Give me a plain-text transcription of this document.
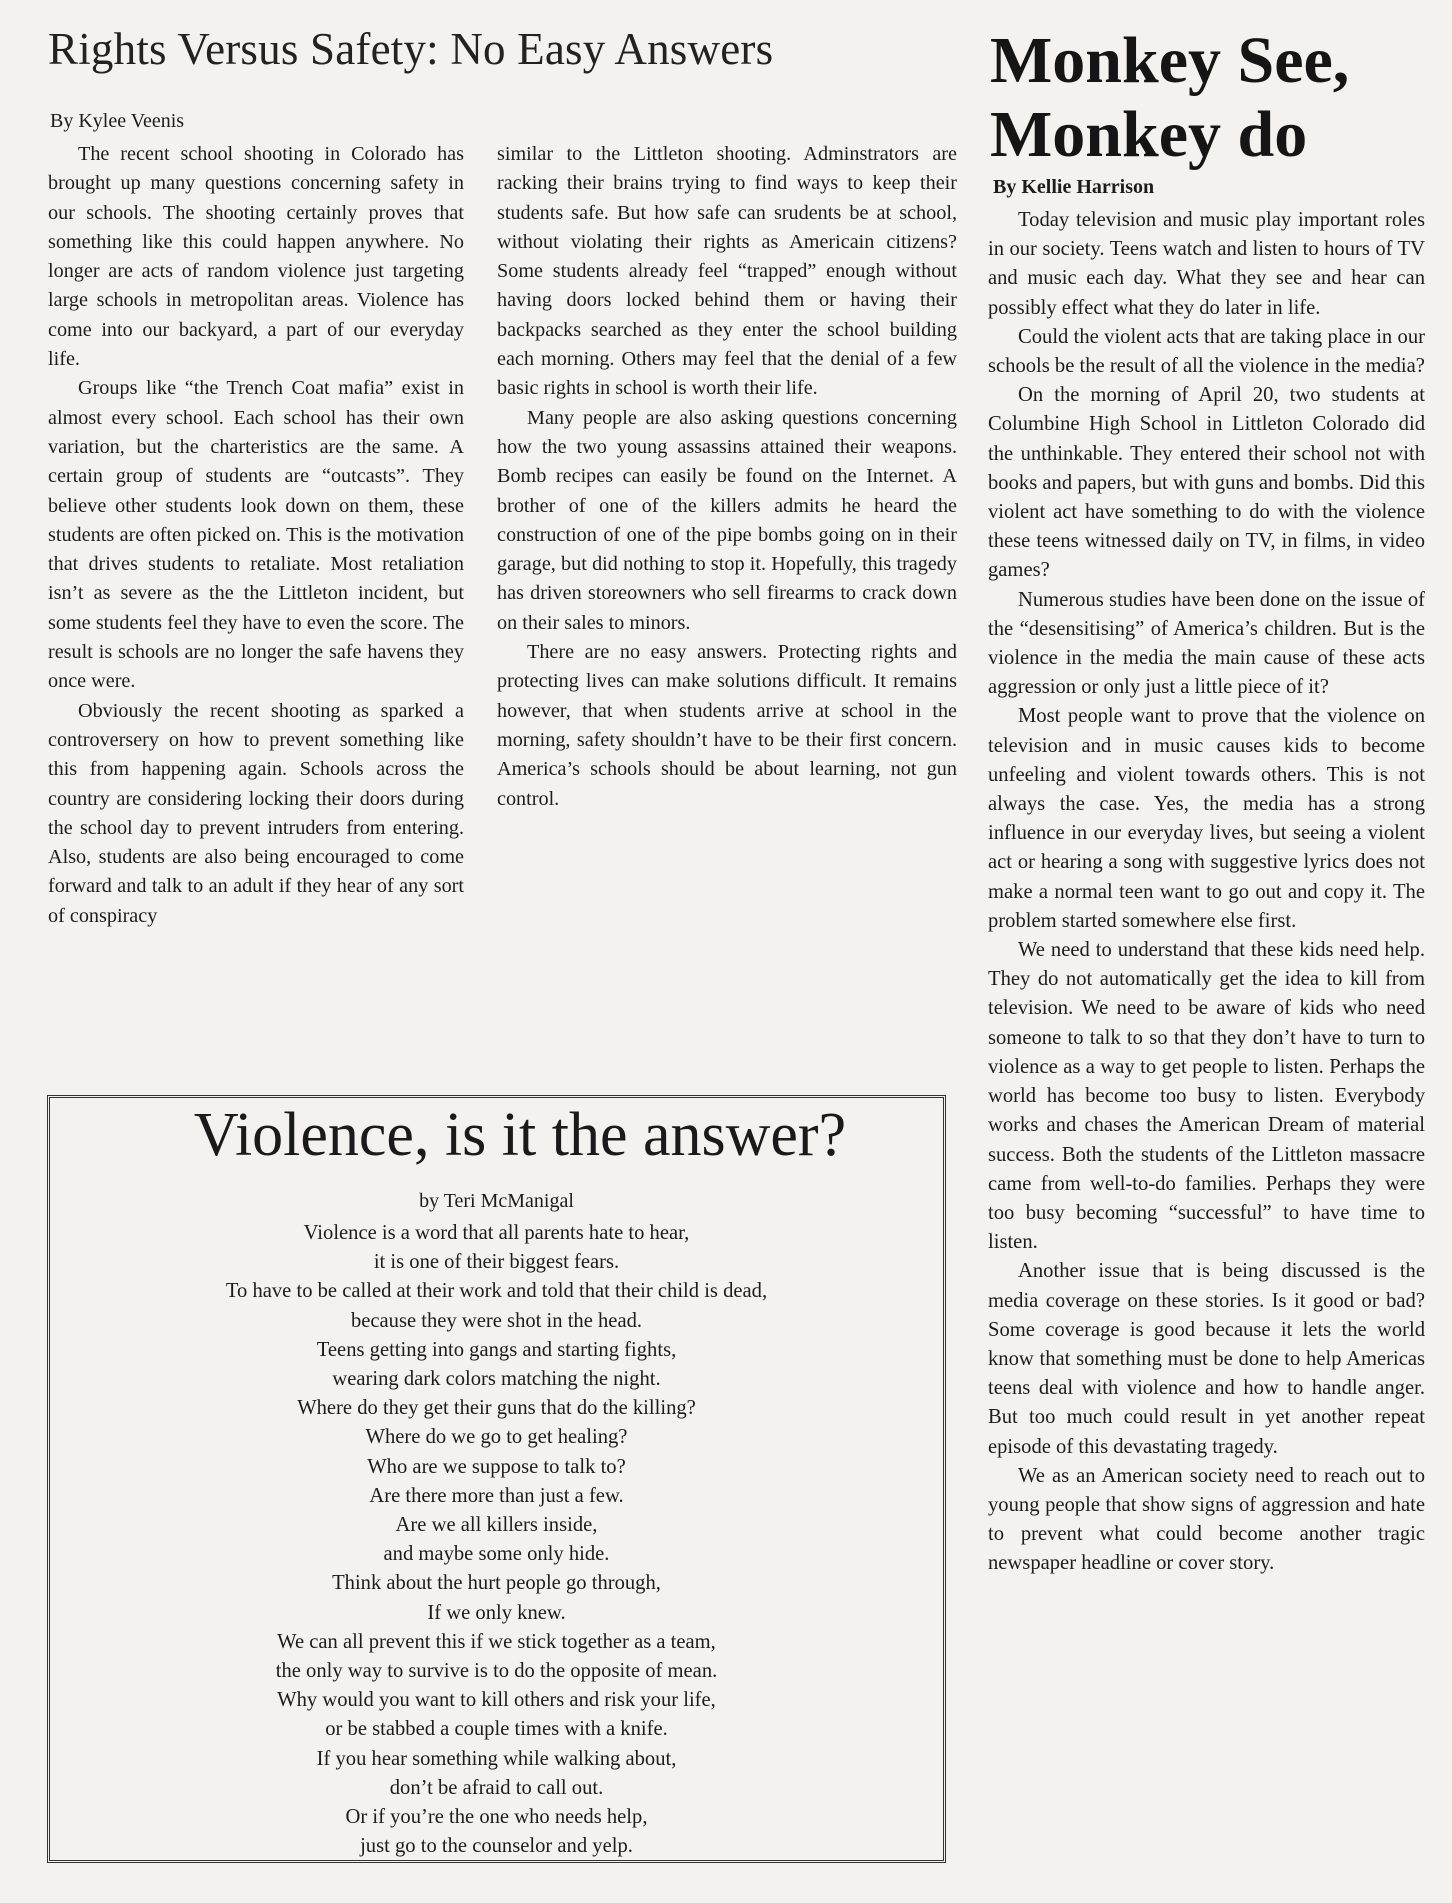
Rights Versus Safety: No Easy Answers

By Kylee Veenis

The recent school shooting in Colorado has brought up many questions concerning safety in our schools. The shooting certainly proves that something like this could happen anywhere. No longer are acts of random violence just targeting large schools in metropolitan areas. Violence has come into our backyard, a part of our everyday life.

Groups like “the Trench Coat mafia” exist in almost every school. Each school has their own variation, but the charteristics are the same. A certain group of students are “outcasts”. They believe other students look down on them, these students are often picked on. This is the motivation that drives students to retaliate. Most retaliation isn’t as severe as the the Littleton incident, but some students feel they have to even the score. The result is schools are no longer the safe havens they once were.

Obviously the recent shooting as sparked a controversery on how to prevent something like this from happening again. Schools across the country are considering locking their doors during the school day to prevent intruders from entering. Also, students are also being encouraged to come forward and talk to an adult if they hear of any sort of conspiracy

similar to the Littleton shooting. Adminstrators are racking their brains trying to find ways to keep their students safe. But how safe can srudents be at school, without violating their rights as Americain citizens? Some students already feel “trapped” enough without having doors locked behind them or having their backpacks searched as they enter the school building each morning. Others may feel that the denial of a few basic rights in school is worth their life.

Many people are also asking questions concerning how the two young assassins attained their weapons. Bomb recipes can easily be found on the Internet. A brother of one of the killers admits he heard the construction of one of the pipe bombs going on in their garage, but did nothing to stop it. Hopefully, this tragedy has driven storeowners who sell firearms to crack down on their sales to minors.

There are no easy answers. Protecting rights and protecting lives can make solutions difficult. It remains however, that when students arrive at school in the morning, safety shouldn’t have to be their first concern. America’s schools should be about learning, not gun control.

Monkey See, Monkey do

By Kellie Harrison

Today television and music play important roles in our society. Teens watch and listen to hours of TV and music each day. What they see and hear can possibly effect what they do later in life.

Could the violent acts that are taking place in our schools be the result of all the violence in the media?

On the morning of April 20, two students at Columbine High School in Littleton Colorado did the unthinkable. They entered their school not with books and papers, but with guns and bombs. Did this violent act have something to do with the violence these teens witnessed daily on TV, in films, in video games?

Numerous studies have been done on the issue of the “desensitising” of America’s children. But is the violence in the media the main cause of these acts aggression or only just a little piece of it?

Most people want to prove that the violence on television and in music causes kids to become unfeeling and violent towards others. This is not always the case. Yes, the media has a strong influence in our everyday lives, but seeing a violent act or hearing a song with suggestive lyrics does not make a normal teen want to go out and copy it. The problem started somewhere else first.

We need to understand that these kids need help. They do not automatically get the idea to kill from television. We need to be aware of kids who need someone to talk to so that they don’t have to turn to violence as a way to get people to listen. Perhaps the world has become too busy to listen. Everybody works and chases the American Dream of material success. Both the students of the Littleton massacre came from well-to-do families. Perhaps they were too busy becoming “successful” to have time to listen.

Another issue that is being discussed is the media coverage on these stories. Is it good or bad? Some coverage is good because it lets the world know that something must be done to help Americas teens deal with violence and how to handle anger. But too much could result in yet another repeat episode of this devastating tragedy.

We as an American society need to reach out to young people that show signs of aggression and hate to prevent what could become another tragic newspaper headline or cover story.

Violence, is it the answer?

by Teri McManigal

Violence is a word that all parents hate to hear,
it is one of their biggest fears.
To have to be called at their work and told that their child is dead,
because they were shot in the head.
Teens getting into gangs and starting fights,
wearing dark colors matching the night.
Where do they get their guns that do the killing?
Where do we go to get healing?
Who are we suppose to talk to?
Are there more than just a few.
Are we all killers inside,
and maybe some only hide.
Think about the hurt people go through,
If we only knew.
We can all prevent this if we stick together as a team,
the only way to survive is to do the opposite of mean.
Why would you want to kill others and risk your life,
or be stabbed a couple times with a knife.
If you hear something while walking about,
don’t be afraid to call out.
Or if you’re the one who needs help,
just go to the counselor and yelp.
